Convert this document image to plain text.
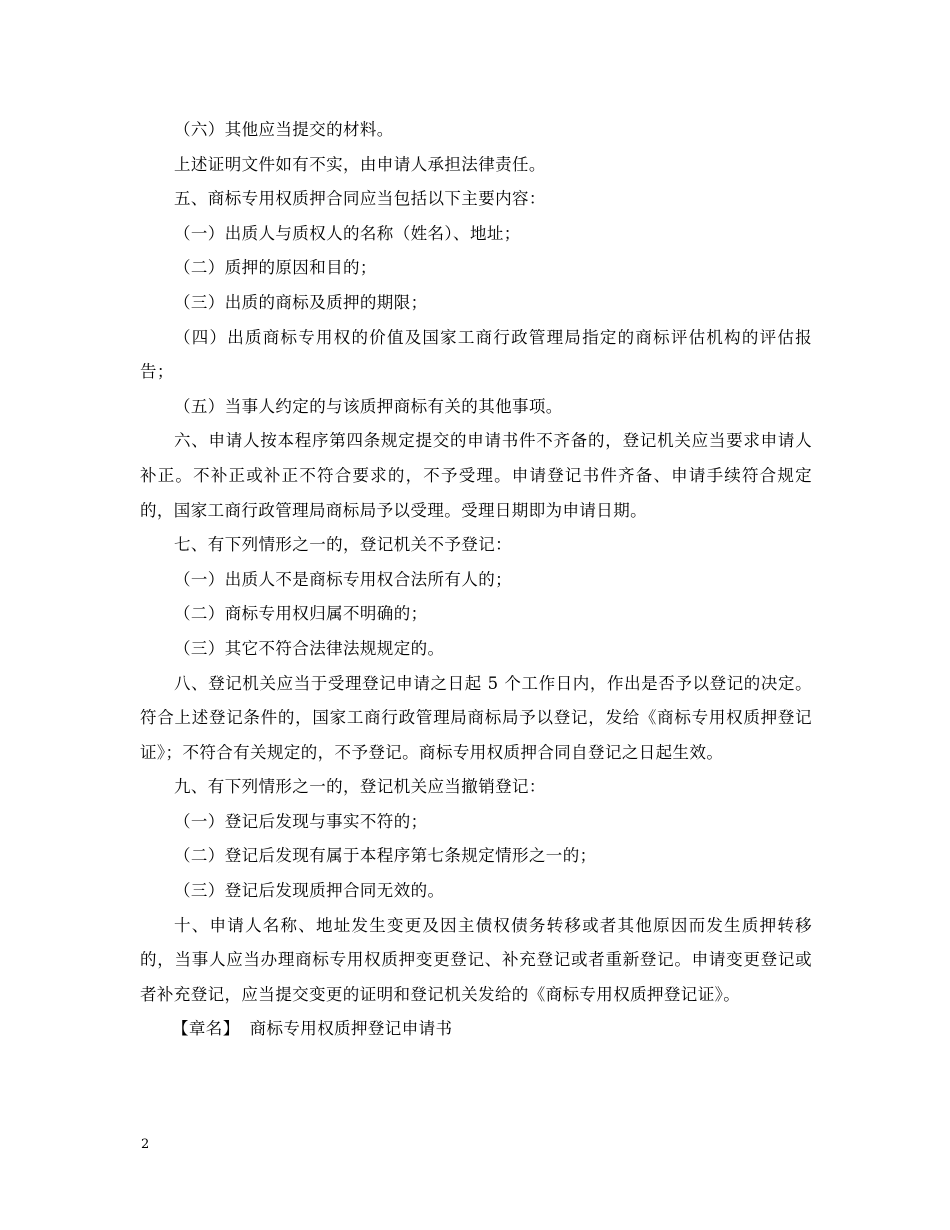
（六）其他应当提交的材料。

上述证明文件如有不实，由申请人承担法律责任。

五、商标专用权质押合同应当包括以下主要内容：

（一）出质人与质权人的名称（姓名）、地址；

（二）质押的原因和目的；

（三）出质的商标及质押的期限；

（四）出质商标专用权的价值及国家工商行政管理局指定的商标评估机构的评估报告；

（五）当事人约定的与该质押商标有关的其他事项。

六、申请人按本程序第四条规定提交的申请书件不齐备的，登记机关应当要求申请人补正。不补正或补正不符合要求的，不予受理。申请登记书件齐备、申请手续符合规定的，国家工商行政管理局商标局予以受理。受理日期即为申请日期。

七、有下列情形之一的，登记机关不予登记：

（一）出质人不是商标专用权合法所有人的；

（二）商标专用权归属不明确的；

（三）其它不符合法律法规规定的。

八、登记机关应当于受理登记申请之日起 5 个工作日内，作出是否予以登记的决定。符合上述登记条件的，国家工商行政管理局商标局予以登记，发给《商标专用权质押登记证》；不符合有关规定的，不予登记。商标专用权质押合同自登记之日起生效。

九、有下列情形之一的，登记机关应当撤销登记：

（一）登记后发现与事实不符的；

（二）登记后发现有属于本程序第七条规定情形之一的；

（三）登记后发现质押合同无效的。

十、申请人名称、地址发生变更及因主债权债务转移或者其他原因而发生质押转移的，当事人应当办理商标专用权质押变更登记、补充登记或者重新登记。申请变更登记或者补充登记，应当提交变更的证明和登记机关发给的《商标专用权质押登记证》。

【章名】 商标专用权质押登记申请书

2
